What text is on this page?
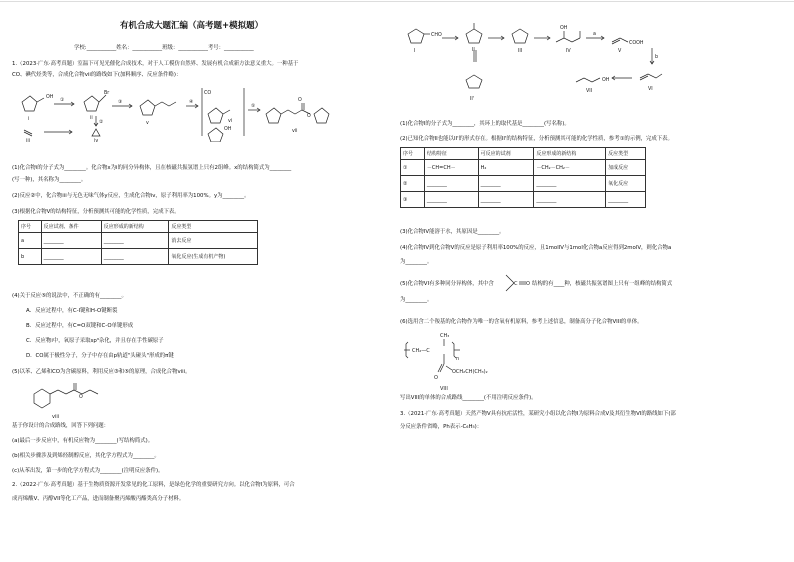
有机合成大题汇编（高考题+模拟题）
学校:___________姓名：___________班级：___________考号：___________
1.（2023·广东·高考真题）室温下可见光催化合成技术，对于人工模仿自然界、发展有机合成新方法意义重大。一种基于
CO、碘代烃类等，合成化合物vii的路线如下(加料顺序、反应条件略)：
OH
Br	CO
OH
O
O
i	ii
iii	iv
v	vi
vii
①
②
③	④
⑤
(1)化合物i的分子式为________。化合物x为i的同分异构体，且在核磁共振氢谱上只有2组峰。x的结构简式为________
(写一种)，其名称为________。
(2)反应②中，化合物iii与无色无味气体y反应，生成化合物iv，原子利用率为100%。y为________。
(3)根据化合物V的结构特征，分析预测其可能的化学性质，完成下表。
序号	反应试剂、条件	反应形成的新结构	反应类型
a	________	________	消去反应
b	________	________	氧化反应(生成有机产物)
(4)关于反应⑤的说法中，不正确的有________。
A．反应过程中，有C-I键和H-O键断裂
B．反应过程中，有C=O双键和C-O单键形成
C．反应物i中，氧原子采取sp³杂化，并且存在手性碳原子
D．CO属于极性分子，分子中存在由p轨道"头碰头"形成的π键
(5)以苯、乙烯和CO为含碳原料，利用反应③和⑤的原理，合成化合物viii。
O
viii
基于你设计的合成路线，回答下列问题：
(a)最后一步反应中，有机反应物为________(写结构简式)。
(b)相关步骤涉及到烯烃制醇反应，其化学方程式为________。
(c)从苯出发，第一步的化学方程式为________(注明反应条件)。
2.（2022·广东·高考真题）基于生物质资源开发常见的化工原料，是绿色化学的重要研究方向。以化合物I为原料，可合
成丙烯酸V、丙醇VII等化工产品，进而制备聚丙烯酸丙酯类高分子材料。
CHO
COOH
OH
OH
a
b
I	II	III	IV	V
VI
VII
II'
(1)化合物I的分子式为________，其环上的取代基是________(写名称)。
(2)已知化合物II也能以II'的形式存在。根据II'的结构特征，分析预测其可能的化学性质，参考①的示例，完成下表。
序号	结构特征	可反应的试剂	反应形成的新结构	反应类型
①	－CH=CH－	H₂	－CH₂－CH₂－	加成反应
②	________	________	________	氧化反应
③	________	________	________	________
(3)化合物IV能溶于水，其原因是________。
(4)化合物IV到化合物V的反应是原子利用率100%的反应，且1molIV与1mol化合物a反应得到2molV，则化合物a
为________。
(5)化合物VI有多种同分异构体，其中含	C O 结构的有____种，核磁共振氢谱图上只有一组峰的结构简式
为________。
(6)选用含二个羧基的化合物作为唯一的含氧有机原料，参考上述信息，制备高分子化合物VIII的单体。
CH₃
CH₂—C
n
O
OCH₂CH(CH₃)₂
VIII
写出VIII的单体的合成路线________(不用注明反应条件)。
3.（2021·广东·高考真题）天然产物V具有抗疟活性，某研究小组以化合物I为原料合成V及其衍生物VI的路线如下(部
分反应条件省略，Ph表示-C₆H₅)：
